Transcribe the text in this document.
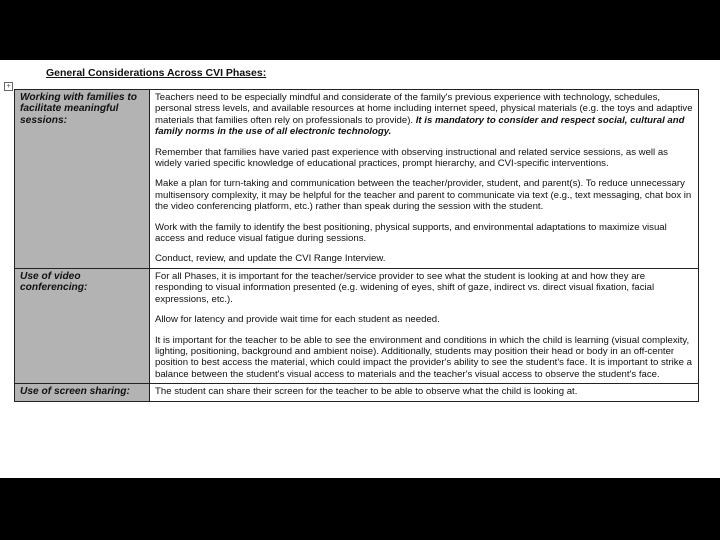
General Considerations Across CVI Phases:
+
Working with families to facilitate meaningful sessions:	Teachers need to be especially mindful and considerate of the family's previous experience with technology, schedules, personal stress levels, and available resources at home including internet speed, physical materials (e.g. the toys and adaptive materials that families often rely on professionals to provide). It is mandatory to consider and respect social, cultural and family norms in the use of all electronic technology.

Remember that families have varied past experience with observing instructional and related service sessions, as well as widely varied specific knowledge of educational practices, prompt hierarchy, and CVI-specific interventions.

Make a plan for turn-taking and communication between the teacher/provider, student, and parent(s). To reduce unnecessary multisensory complexity, it may be helpful for the teacher and parent to communicate via text (e.g., text messaging, chat box in the video conferencing platform, etc.) rather than speak during the session with the student.

Work with the family to identify the best positioning, physical supports, and environmental adaptations to maximize visual access and reduce visual fatigue during sessions.

Conduct, review, and update the CVI Range Interview.

Use of video conferencing:	For all Phases, it is important for the teacher/service provider to see what the student is looking at and how they are responding to visual information presented (e.g. widening of eyes, shift of gaze, indirect vs. direct visual fixation, facial expressions, etc.).

Allow for latency and provide wait time for each student as needed.

It is important for the teacher to be able to see the environment and conditions in which the child is learning (visual complexity, lighting, positioning, background and ambient noise). Additionally, students may position their head or body in an off-center position to best access the material, which could impact the provider's ability to see the student's face. It is important to strike a balance between the student's visual access to materials and the teacher's visual access to observe the student's face.

Use of screen sharing:	The student can share their screen for the teacher to be able to observe what the child is looking at.
